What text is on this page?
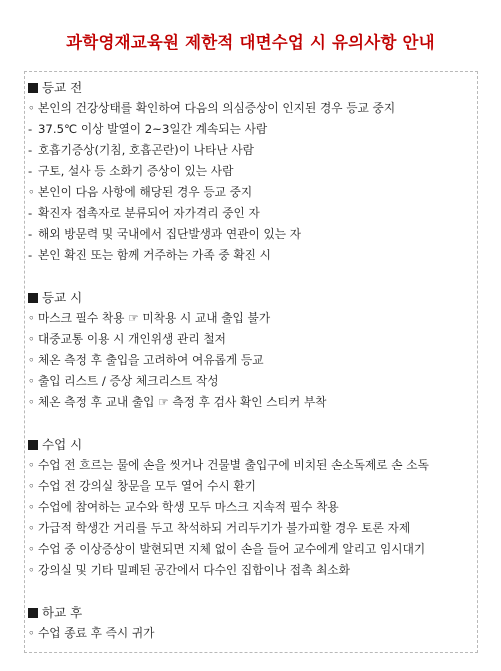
과학영재교육원 제한적 대면수업 시 유의사항 안내
등교 전
◦ 본인의 건강상태를 확인하여 다음의 의심증상이 인지된 경우 등교 중지
- 37.5℃ 이상 발열이 2~3일간 계속되는 사람
- 호흡기증상(기침, 호흡곤란)이 나타난 사람
- 구토, 설사 등 소화기 증상이 있는 사람
◦ 본인이 다음 사항에 해당된 경우 등교 중지
- 확진자 접촉자로 분류되어 자가격리 중인 자
- 해외 방문력 및 국내에서 집단발생과 연관이 있는 자
- 본인 확진 또는 함께 거주하는 가족 중 확진 시
등교 시
◦ 마스크 필수 착용 ☞ 미착용 시 교내 출입 불가
◦ 대중교통 이용 시 개인위생 관리 철저
◦ 체온 측정 후 출입을 고려하여 여유롭게 등교
◦ 출입 리스트 / 증상 체크리스트 작성
◦ 체온 측정 후 교내 출입 ☞ 측정 후 검사 확인 스티커 부착
수업 시
◦ 수업 전 흐르는 물에 손을 씻거나 건물별 출입구에 비치된 손소독제로 손 소독
◦ 수업 전 강의실 창문을 모두 열어 수시 환기
◦ 수업에 참여하는 교수와 학생 모두 마스크 지속적 필수 착용
◦ 가급적 학생간 거리를 두고 착석하되 거리두기가 불가피할 경우 토론 자제
◦ 수업 중 이상증상이 발현되면 지체 없이 손을 들어 교수에게 알리고 임시대기
◦ 강의실 및 기타 밀폐된 공간에서 다수인 집합이나 접촉 최소화
하교 후
◦ 수업 종료 후 즉시 귀가
